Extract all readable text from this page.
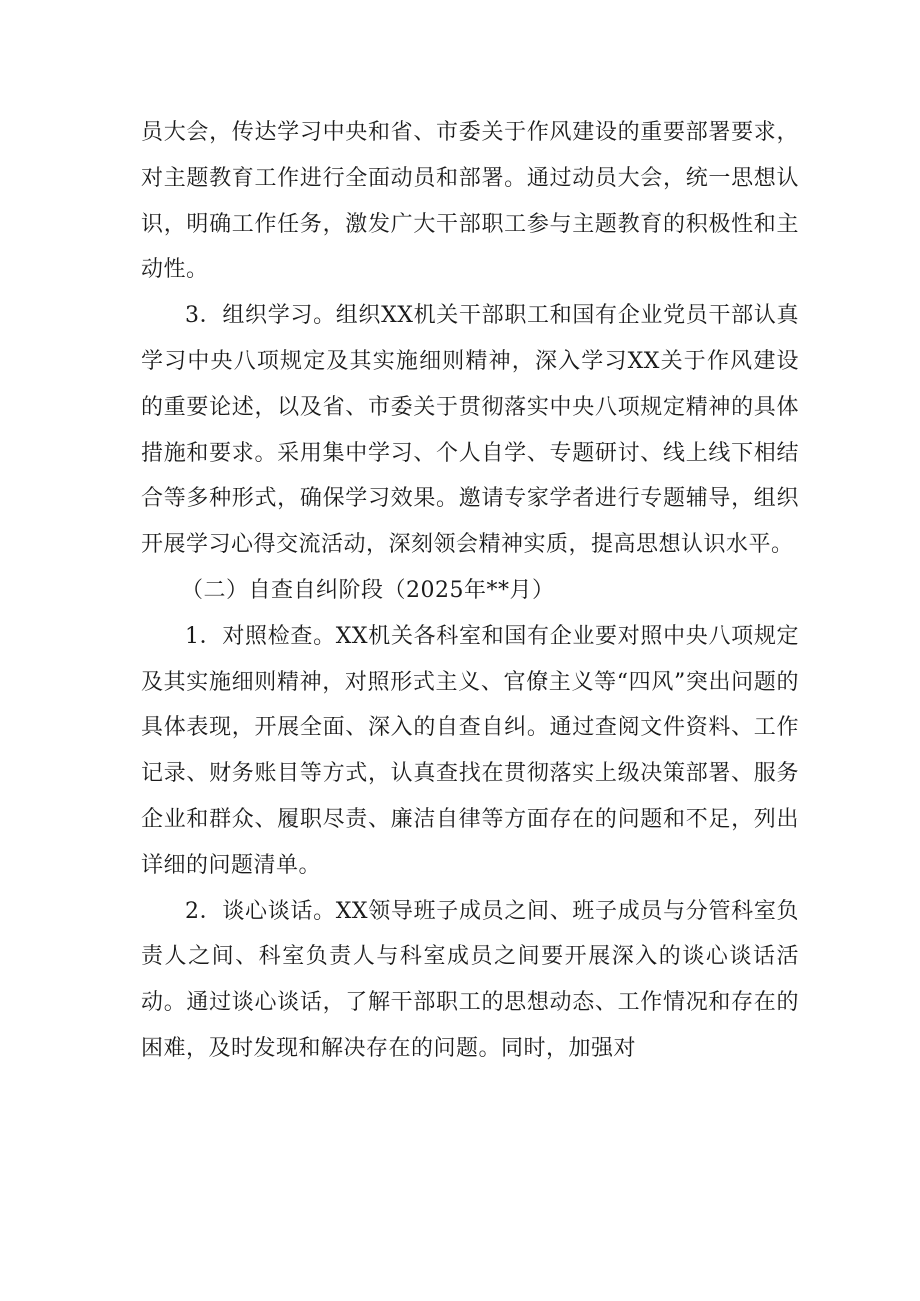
员大会，传达学习中央和省、市委关于作风建设的重要部署要求，对主题教育工作进行全面动员和部署。通过动员大会，统一思想认识，明确工作任务，激发广大干部职工参与主题教育的积极性和主动性。

3．组织学习。组织XX机关干部职工和国有企业党员干部认真学习中央八项规定及其实施细则精神，深入学习XX关于作风建设的重要论述，以及省、市委关于贯彻落实中央八项规定精神的具体措施和要求。采用集中学习、个人自学、专题研讨、线上线下相结合等多种形式，确保学习效果。邀请专家学者进行专题辅导，组织开展学习心得交流活动，深刻领会精神实质，提高思想认识水平。

（二）自查自纠阶段（2025年**月）

1．对照检查。XX机关各科室和国有企业要对照中央八项规定及其实施细则精神，对照形式主义、官僚主义等“四风”突出问题的具体表现，开展全面、深入的自查自纠。通过查阅文件资料、工作记录、财务账目等方式，认真查找在贯彻落实上级决策部署、服务企业和群众、履职尽责、廉洁自律等方面存在的问题和不足，列出详细的问题清单。

2．谈心谈话。XX领导班子成员之间、班子成员与分管科室负责人之间、科室负责人与科室成员之间要开展深入的谈心谈话活动。通过谈心谈话，了解干部职工的思想动态、工作情况和存在的困难，及时发现和解决存在的问题。同时，加强对
